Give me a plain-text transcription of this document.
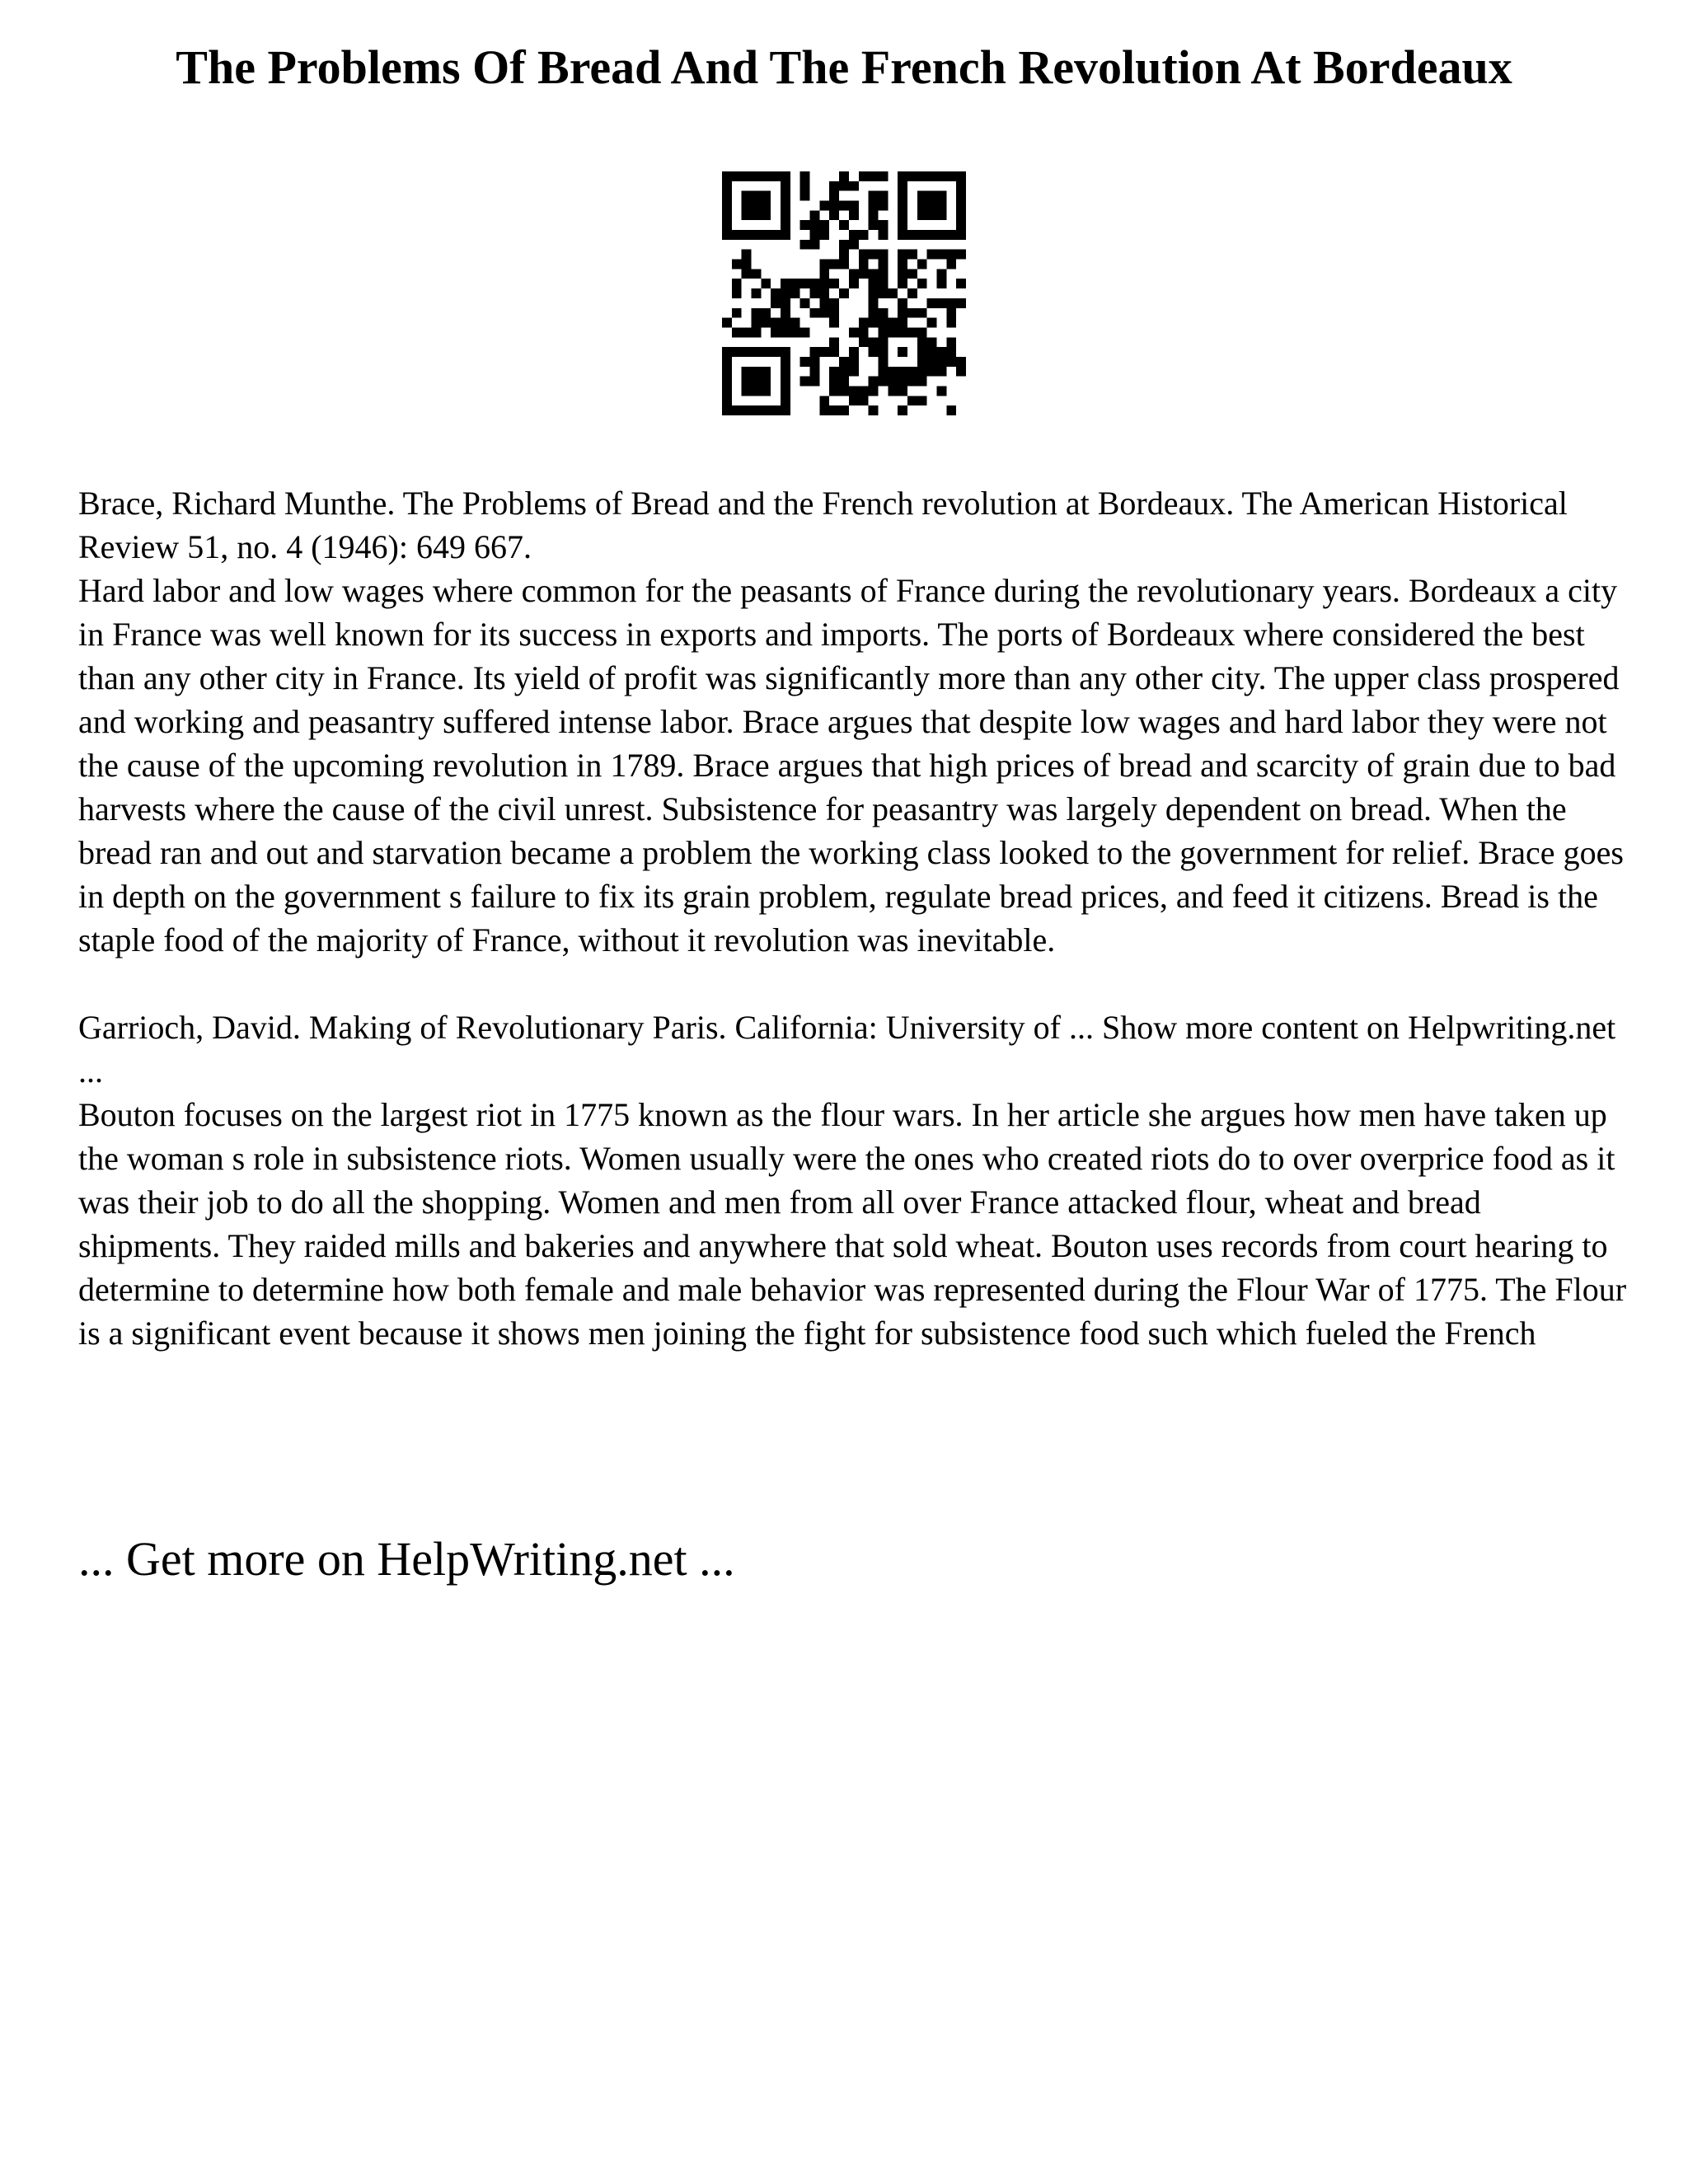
The Problems Of Bread And The French Revolution At Bordeaux

Brace, Richard Munthe. The Problems of Bread and the French revolution at Bordeaux. The American Historical Review 51, no. 4 (1946): 649 667.

Hard labor and low wages where common for the peasants of France during the revolutionary years. Bordeaux a city in France was well known for its success in exports and imports. The ports of Bordeaux where considered the best than any other city in France. Its yield of profit was significantly more than any other city. The upper class prospered and working and peasantry suffered intense labor. Brace argues that despite low wages and hard labor they were not the cause of the upcoming revolution in 1789. Brace argues that high prices of bread and scarcity of grain due to bad harvests where the cause of the civil unrest. Subsistence for peasantry was largely dependent on bread. When the bread ran and out and starvation became a problem the working class looked to the government for relief. Brace goes in depth on the government s failure to fix its grain problem, regulate bread prices, and feed it citizens. Bread is the staple food of the majority of France, without it revolution was inevitable.

Garrioch, David. Making of Revolutionary Paris. California: University of ... Show more content on Helpwriting.net ...

Bouton focuses on the largest riot in 1775 known as the flour wars. In her article she argues how men have taken up the woman s role in subsistence riots. Women usually were the ones who created riots do to over overprice food as it was their job to do all the shopping. Women and men from all over France attacked flour, wheat and bread shipments. They raided mills and bakeries and anywhere that sold wheat. Bouton uses records from court hearing to determine to determine how both female and male behavior was represented during the Flour War of 1775. The Flour is a significant event because it shows men joining the fight for subsistence food such which fueled the French

... Get more on HelpWriting.net ...
